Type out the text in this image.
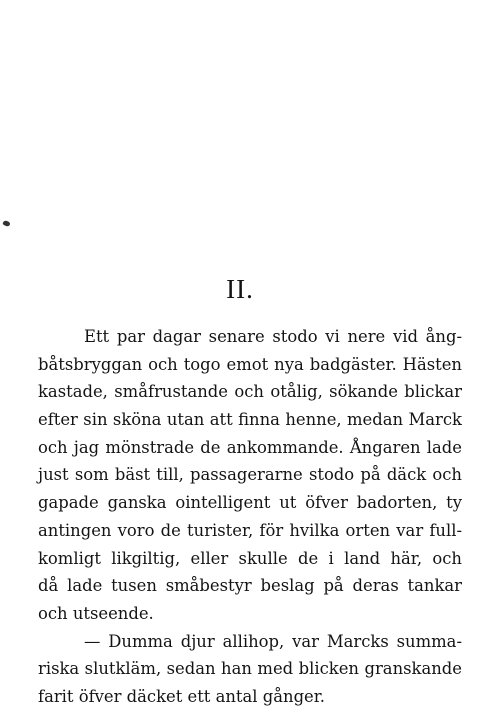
II.
Ett par dagar senare stodo vi nere vid ång-
båtsbryggan och togo emot nya badgäster. Hästen
kastade, småfrustande och otålig, sökande blickar
efter sin sköna utan att finna henne, medan Marck
och jag mönstrade de ankommande. Ångaren lade
just som bäst till, passagerarne stodo på däck och
gapade ganska ointelligent ut öfver badorten, ty
antingen voro de turister, för hvilka orten var full-
komligt likgiltig, eller skulle de i land här, och
då lade tusen småbestyr beslag på deras tankar
och utseende.
— Dumma djur allihop, var Marcks summa-
riska slutkläm, sedan han med blicken granskande
farit öfver däcket ett antal gånger.
